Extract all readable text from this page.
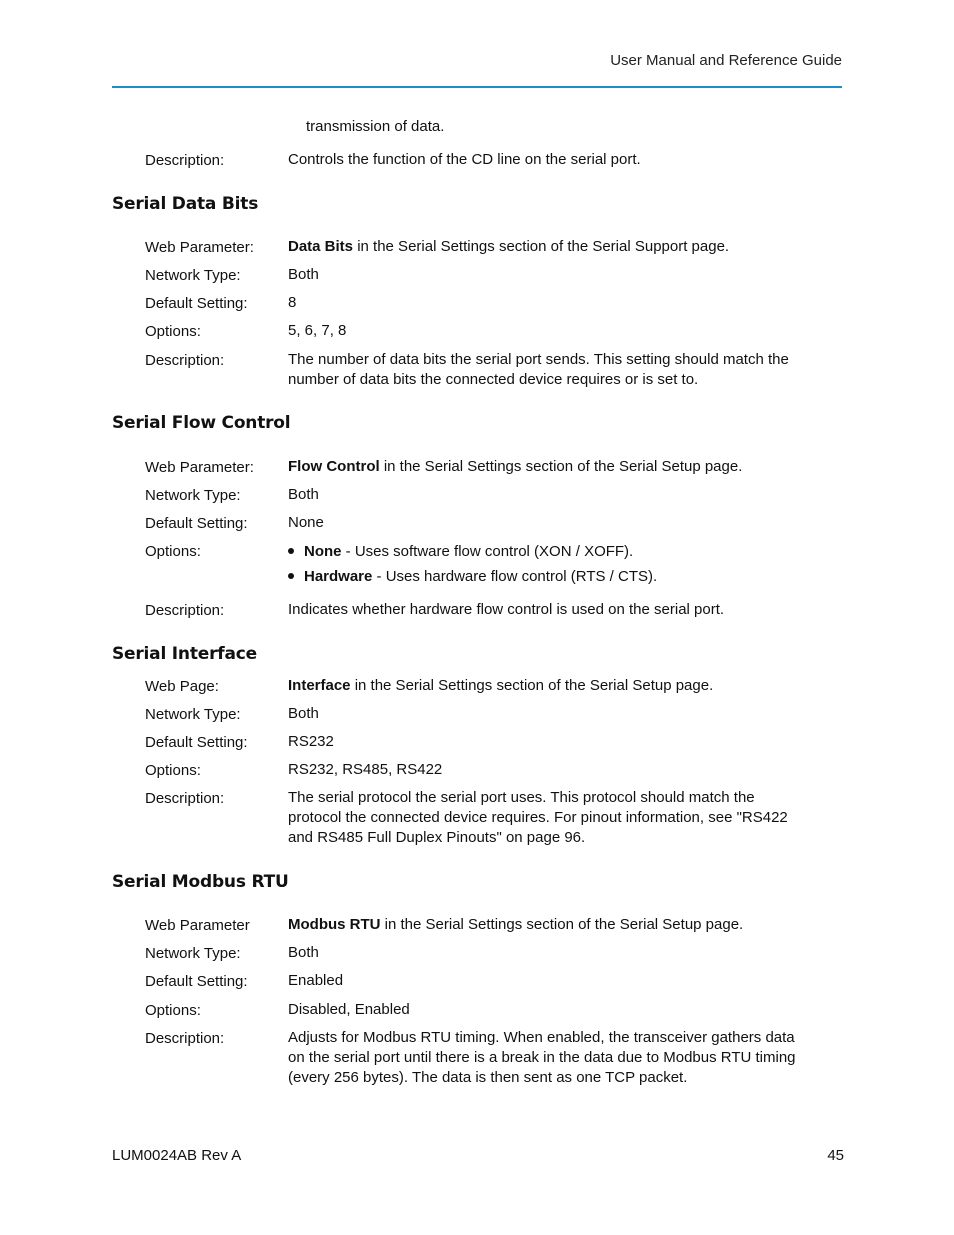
User Manual and Reference Guide
transmission of data.
Description:	Controls the function of the CD line on the serial port.
Serial Data Bits
Web Parameter: Data Bits in the Serial Settings section of the Serial Support page.
Network Type:	Both
Default Setting:	8
Options:	5, 6, 7, 8
Description:	The number of data bits the serial port sends. This setting should match the number of data bits the connected device requires or is set to.
Serial Flow Control
Web Parameter: Flow Control in the Serial Settings section of the Serial Setup page.
Network Type:	Both
Default Setting:	None
Options:	None - Uses software flow control (XON / XOFF).
Hardware - Uses hardware flow control (RTS / CTS).
Description:	Indicates whether hardware flow control is used on the serial port.
Serial Interface
Web Page:	Interface in the Serial Settings section of the Serial Setup page.
Network Type:	Both
Default Setting:	RS232
Options:	RS232, RS485, RS422
Description:	The serial protocol the serial port uses. This protocol should match the protocol the connected device requires. For pinout information, see "RS422 and RS485 Full Duplex Pinouts" on page 96.
Serial Modbus RTU
Web Parameter	Modbus RTU in the Serial Settings section of the Serial Setup page.
Network Type:	Both
Default Setting:	Enabled
Options:	Disabled, Enabled
Description:	Adjusts for Modbus RTU timing. When enabled, the transceiver gathers data on the serial port until there is a break in the data due to Modbus RTU timing (every 256 bytes). The data is then sent as one TCP packet.
LUM0024AB Rev A	45
